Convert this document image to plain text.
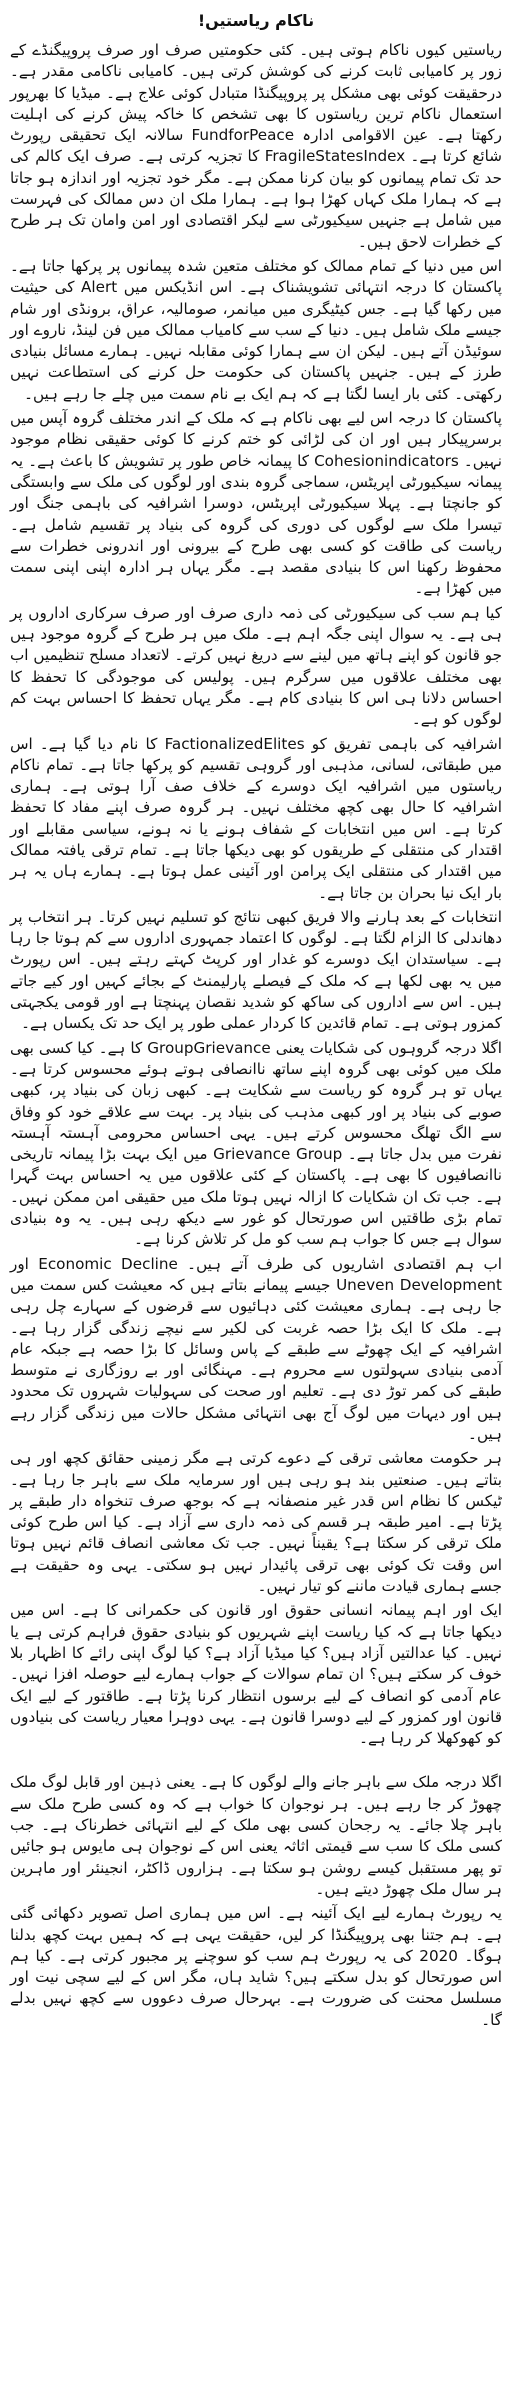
ناکام ریاستیں!

ریاستیں کیوں ناکام ہوتی ہیں۔ کئی حکومتیں صرف اور صرف پروپیگنڈے کے زور پر کامیابی ثابت کرنے کی کوشش کرتی ہیں۔ کامیابی ناکامی مقدر ہے۔ درحقیقت کوئی بھی مشکل پر پروپیگنڈا متبادل کوئی علاج ہے۔ میڈیا کا بھرپور استعمال ناکام ترین ریاستوں کا بھی تشخص کا خاکہ پیش کرنے کی اہلیت رکھتا ہے۔ عین الاقوامی ادارہ FundforPeace سالانہ ایک تحقیقی رپورٹ شائع کرتا ہے۔ FragileStatesIndex کا تجزیہ کرتی ہے۔ صرف ایک کالم کی حد تک تمام پیمانوں کو بیان کرنا ممکن ہے۔ مگر خود تجزیہ اور اندازہ ہو جاتا ہے کہ ہمارا ملک کہاں کھڑا ہوا ہے۔ ہمارا ملک ان دس ممالک کی فہرست میں شامل ہے جنہیں سیکیورٹی سے لیکر اقتصادی اور امن وامان تک ہر طرح کے خطرات لاحق ہیں۔

اس میں دنیا کے تمام ممالک کو مختلف متعین شدہ پیمانوں پر پرکھا جاتا ہے۔ پاکستان کا درجہ انتہائی تشویشناک ہے۔ اس انڈیکس میں Alert کی حیثیت میں رکھا گیا ہے۔ جس کیٹیگری میں میانمر، صومالیہ، عراق، برونڈی اور شام جیسے ملک شامل ہیں۔ دنیا کے سب سے کامیاب ممالک میں فن لینڈ، ناروے اور سوئیڈن آتے ہیں۔ لیکن ان سے ہمارا کوئی مقابلہ نہیں۔ ہمارے مسائل بنیادی طرز کے ہیں۔ جنہیں پاکستان کی حکومت حل کرنے کی استطاعت نہیں رکھتی۔ کئی بار ایسا لگتا ہے کہ ہم ایک بے نام سمت میں چلے جا رہے ہیں۔

پاکستان کا درجہ اس لیے بھی ناکام ہے کہ ملک کے اندر مختلف گروہ آپس میں برسرپیکار ہیں اور ان کی لڑائی کو ختم کرنے کا کوئی حقیقی نظام موجود نہیں۔ Cohesionindicators کا پیمانہ خاص طور پر تشویش کا باعث ہے۔ یہ پیمانہ سیکیورٹی اپریٹس، سماجی گروہ بندی اور لوگوں کی ملک سے وابستگی کو جانچتا ہے۔ پہلا سیکیورٹی اپریٹس، دوسرا اشرافیہ کی باہمی جنگ اور تیسرا ملک سے لوگوں کی دوری کی گروہ کی بنیاد پر تقسیم شامل ہے۔ ریاست کی طاقت کو کسی بھی طرح کے بیرونی اور اندرونی خطرات سے محفوظ رکھنا اس کا بنیادی مقصد ہے۔ مگر یہاں ہر ادارہ اپنی اپنی سمت میں کھڑا ہے۔

کیا ہم سب کی سیکیورٹی کی ذمہ داری صرف اور صرف سرکاری اداروں پر ہی ہے۔ یہ سوال اپنی جگہ اہم ہے۔ ملک میں ہر طرح کے گروہ موجود ہیں جو قانون کو اپنے ہاتھ میں لینے سے دریغ نہیں کرتے۔ لاتعداد مسلح تنظیمیں اب بھی مختلف علاقوں میں سرگرم ہیں۔ پولیس کی موجودگی کا تحفظ کا احساس دلانا ہی اس کا بنیادی کام ہے۔ مگر یہاں تحفظ کا احساس بہت کم لوگوں کو ہے۔

اشرافیہ کی باہمی تفریق کو FactionalizedElites کا نام دیا گیا ہے۔ اس میں طبقاتی، لسانی، مذہبی اور گروہی تقسیم کو پرکھا جاتا ہے۔ تمام ناکام ریاستوں میں اشرافیہ ایک دوسرے کے خلاف صف آرا ہوتی ہے۔ ہماری اشرافیہ کا حال بھی کچھ مختلف نہیں۔ ہر گروہ صرف اپنے مفاد کا تحفظ کرتا ہے۔ اس میں انتخابات کے شفاف ہونے یا نہ ہونے، سیاسی مقابلے اور اقتدار کی منتقلی کے طریقوں کو بھی دیکھا جاتا ہے۔ تمام ترقی یافتہ ممالک میں اقتدار کی منتقلی ایک پرامن اور آئینی عمل ہوتا ہے۔ ہمارے ہاں یہ ہر بار ایک نیا بحران بن جاتا ہے۔

انتخابات کے بعد ہارنے والا فریق کبھی نتائج کو تسلیم نہیں کرتا۔ ہر انتخاب پر دھاندلی کا الزام لگتا ہے۔ لوگوں کا اعتماد جمہوری اداروں سے کم ہوتا جا رہا ہے۔ سیاستدان ایک دوسرے کو غدار اور کرپٹ کہتے رہتے ہیں۔ اس رپورٹ میں یہ بھی لکھا ہے کہ ملک کے فیصلے پارلیمنٹ کے بجائے کہیں اور کیے جاتے ہیں۔ اس سے اداروں کی ساکھ کو شدید نقصان پہنچتا ہے اور قومی یکجہتی کمزور ہوتی ہے۔ تمام قائدین کا کردار عملی طور پر ایک حد تک یکساں ہے۔

اگلا درجہ گروہوں کی شکایات یعنی GroupGrievance کا ہے۔ کیا کسی بھی ملک میں کوئی بھی گروہ اپنے ساتھ ناانصافی ہوتے ہوئے محسوس کرتا ہے۔ یہاں تو ہر گروہ کو ریاست سے شکایت ہے۔ کبھی زبان کی بنیاد پر، کبھی صوبے کی بنیاد پر اور کبھی مذہب کی بنیاد پر۔ بہت سے علاقے خود کو وفاق سے الگ تھلگ محسوس کرتے ہیں۔ یہی احساس محرومی آہستہ آہستہ نفرت میں بدل جاتا ہے۔ Grievance Group میں ایک بہت بڑا پیمانہ تاریخی ناانصافیوں کا بھی ہے۔ پاکستان کے کئی علاقوں میں یہ احساس بہت گہرا ہے۔ جب تک ان شکایات کا ازالہ نہیں ہوتا ملک میں حقیقی امن ممکن نہیں۔ تمام بڑی طاقتیں اس صورتحال کو غور سے دیکھ رہی ہیں۔ یہ وہ بنیادی سوال ہے جس کا جواب ہم سب کو مل کر تلاش کرنا ہے۔

اب ہم اقتصادی اشاریوں کی طرف آتے ہیں۔ Economic Decline اور Uneven Development جیسے پیمانے بتاتے ہیں کہ معیشت کس سمت میں جا رہی ہے۔ ہماری معیشت کئی دہائیوں سے قرضوں کے سہارے چل رہی ہے۔ ملک کا ایک بڑا حصہ غربت کی لکیر سے نیچے زندگی گزار رہا ہے۔ اشرافیہ کے ایک چھوٹے سے طبقے کے پاس وسائل کا بڑا حصہ ہے جبکہ عام آدمی بنیادی سہولتوں سے محروم ہے۔ مہنگائی اور بے روزگاری نے متوسط طبقے کی کمر توڑ دی ہے۔ تعلیم اور صحت کی سہولیات شہروں تک محدود ہیں اور دیہات میں لوگ آج بھی انتہائی مشکل حالات میں زندگی گزار رہے ہیں۔

ہر حکومت معاشی ترقی کے دعوے کرتی ہے مگر زمینی حقائق کچھ اور ہی بتاتے ہیں۔ صنعتیں بند ہو رہی ہیں اور سرمایہ ملک سے باہر جا رہا ہے۔ ٹیکس کا نظام اس قدر غیر منصفانہ ہے کہ بوجھ صرف تنخواہ دار طبقے پر پڑتا ہے۔ امیر طبقہ ہر قسم کی ذمہ داری سے آزاد ہے۔ کیا اس طرح کوئی ملک ترقی کر سکتا ہے؟ یقیناً نہیں۔ جب تک معاشی انصاف قائم نہیں ہوتا اس وقت تک کوئی بھی ترقی پائیدار نہیں ہو سکتی۔ یہی وہ حقیقت ہے جسے ہماری قیادت ماننے کو تیار نہیں۔

ایک اور اہم پیمانہ انسانی حقوق اور قانون کی حکمرانی کا ہے۔ اس میں دیکھا جاتا ہے کہ کیا ریاست اپنے شہریوں کو بنیادی حقوق فراہم کرتی ہے یا نہیں۔ کیا عدالتیں آزاد ہیں؟ کیا میڈیا آزاد ہے؟ کیا لوگ اپنی رائے کا اظہار بلا خوف کر سکتے ہیں؟ ان تمام سوالات کے جواب ہمارے لیے حوصلہ افزا نہیں۔ عام آدمی کو انصاف کے لیے برسوں انتظار کرنا پڑتا ہے۔ طاقتور کے لیے ایک قانون اور کمزور کے لیے دوسرا قانون ہے۔ یہی دوہرا معیار ریاست کی بنیادوں کو کھوکھلا کر رہا ہے۔

اگلا درجہ ملک سے باہر جانے والے لوگوں کا ہے۔ یعنی ذہین اور قابل لوگ ملک چھوڑ کر جا رہے ہیں۔ ہر نوجوان کا خواب ہے کہ وہ کسی طرح ملک سے باہر چلا جائے۔ یہ رجحان کسی بھی ملک کے لیے انتہائی خطرناک ہے۔ جب کسی ملک کا سب سے قیمتی اثاثہ یعنی اس کے نوجوان ہی مایوس ہو جائیں تو پھر مستقبل کیسے روشن ہو سکتا ہے۔ ہزاروں ڈاکٹر، انجینئر اور ماہرین ہر سال ملک چھوڑ دیتے ہیں۔

یہ رپورٹ ہمارے لیے ایک آئینہ ہے۔ اس میں ہماری اصل تصویر دکھائی گئی ہے۔ ہم جتنا بھی پروپیگنڈا کر لیں، حقیقت یہی ہے کہ ہمیں بہت کچھ بدلنا ہوگا۔ 2020 کی یہ رپورٹ ہم سب کو سوچنے پر مجبور کرتی ہے۔ کیا ہم اس صورتحال کو بدل سکتے ہیں؟ شاید ہاں، مگر اس کے لیے سچی نیت اور مسلسل محنت کی ضرورت ہے۔ بہرحال صرف دعووں سے کچھ نہیں بدلے گا۔
